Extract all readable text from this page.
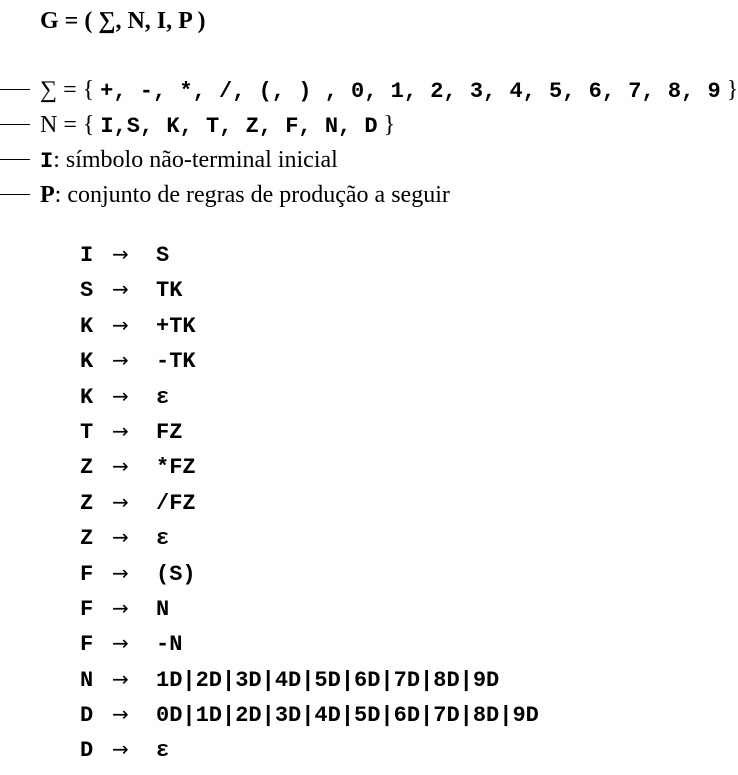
G = ( ∑, N, I, P )
∑ = { +, -, *, /, (, ) , 0, 1, 2, 3, 4, 5, 6, 7, 8, 9 }
N = { I,S, K, T, Z, F, N, D }
I: símbolo não-terminal inicial
P: conjunto de regras de produção a seguir
I → S
S → TK
K → +TK
K → -TK
K → ε
T → FZ
Z → *FZ
Z → /FZ
Z → ε
F → (S)
F → N
F → -N
N → 1D|2D|3D|4D|5D|6D|7D|8D|9D
D → 0D|1D|2D|3D|4D|5D|6D|7D|8D|9D
D → ε
